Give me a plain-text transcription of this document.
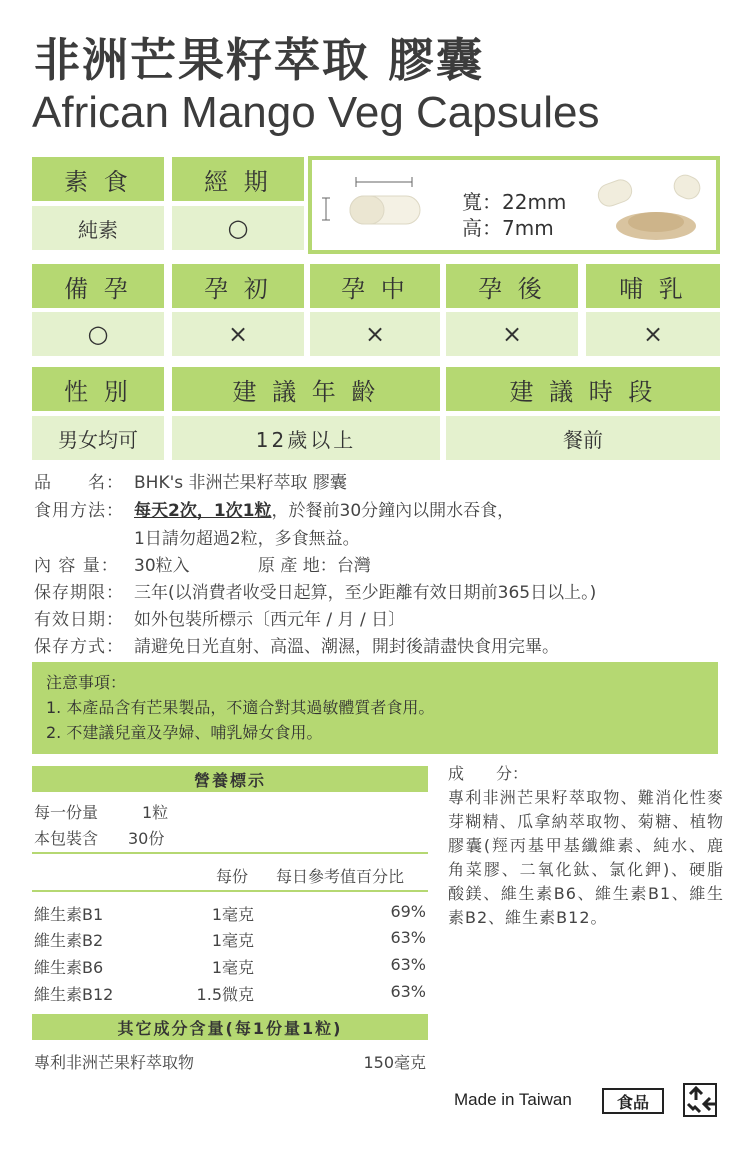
非洲芒果籽萃取 膠囊
African Mango Veg Capsules
素 食	經 期
純素	○
寬：22mm
高：7mm
備 孕	孕 初	孕 中	孕 後	哺 乳
○	×	×	×	×
性 別	建 議 年 齡	建 議 時 段
男女均可	12歲以上	餐前
品　　名： BHK's 非洲芒果籽萃取 膠囊
食用方法： 每天2次，1次1粒，於餐前30分鐘內以開水吞食，
1日請勿超過2粒，多食無益。
內 容 量： 30粒入	原 產 地：台灣
保存期限： 三年(以消費者收受日起算，至少距離有效日期前365日以上。)
有效日期： 如外包裝所標示〔西元年 / 月 / 日〕
保存方式： 請避免日光直射、高溫、潮濕，開封後請盡快食用完畢。
注意事項：
1. 本產品含有芒果製品，不適合對其過敏體質者食用。
2. 不建議兒童及孕婦、哺乳婦女食用。
營養標示
每一份量	1粒
本包裝含 30份
每份 每日參考值百分比
維生素B1	1毫克	69%
維生素B2	1毫克	63%
維生素B6	1毫克	63%
維生素B12	1.5微克	63%
其它成分含量(每1份量1粒)
專利非洲芒果籽萃取物	150毫克
成　　分：
專利非洲芒果籽萃取物、難消化性麥芽糊精、瓜拿納萃取物、菊糖、植物膠囊(羥丙基甲基纖維素、純水、鹿角菜膠、二氧化鈦、氯化鉀)、硬脂酸鎂、維生素B6、維生素B1、維生素B2、維生素B12。
Made in Taiwan	食品
